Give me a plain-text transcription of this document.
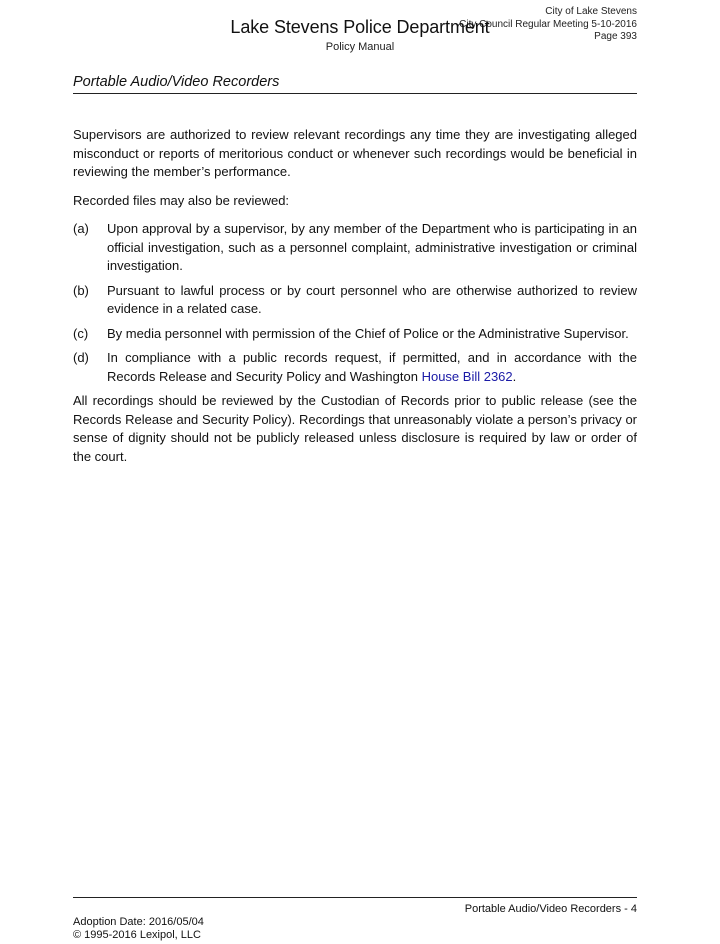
City of Lake Stevens
City Council Regular Meeting 5-10-2016
Page 393
Lake Stevens Police Department
Policy Manual
Portable Audio/Video Recorders

Supervisors are authorized to review relevant recordings any time they are investigating alleged misconduct or reports of meritorious conduct or whenever such recordings would be beneficial in reviewing the member’s performance.

Recorded files may also be reviewed:

(a)	Upon approval by a supervisor, by any member of the Department who is participating in an official investigation, such as a personnel complaint, administrative investigation or criminal investigation.
(b)	Pursuant to lawful process or by court personnel who are otherwise authorized to review evidence in a related case.
(c)	By media personnel with permission of the Chief of Police or the Administrative Supervisor.
(d)	In compliance with a public records request, if permitted, and in accordance with the Records Release and Security Policy and Washington House Bill 2362.

All recordings should be reviewed by the Custodian of Records prior to public release (see the Records Release and Security Policy). Recordings that unreasonably violate a person’s privacy or sense of dignity should not be publicly released unless disclosure is required by law or order of the court.

Portable Audio/Video Recorders - 4
Adoption Date: 2016/05/04
© 1995-2016 Lexipol, LLC
